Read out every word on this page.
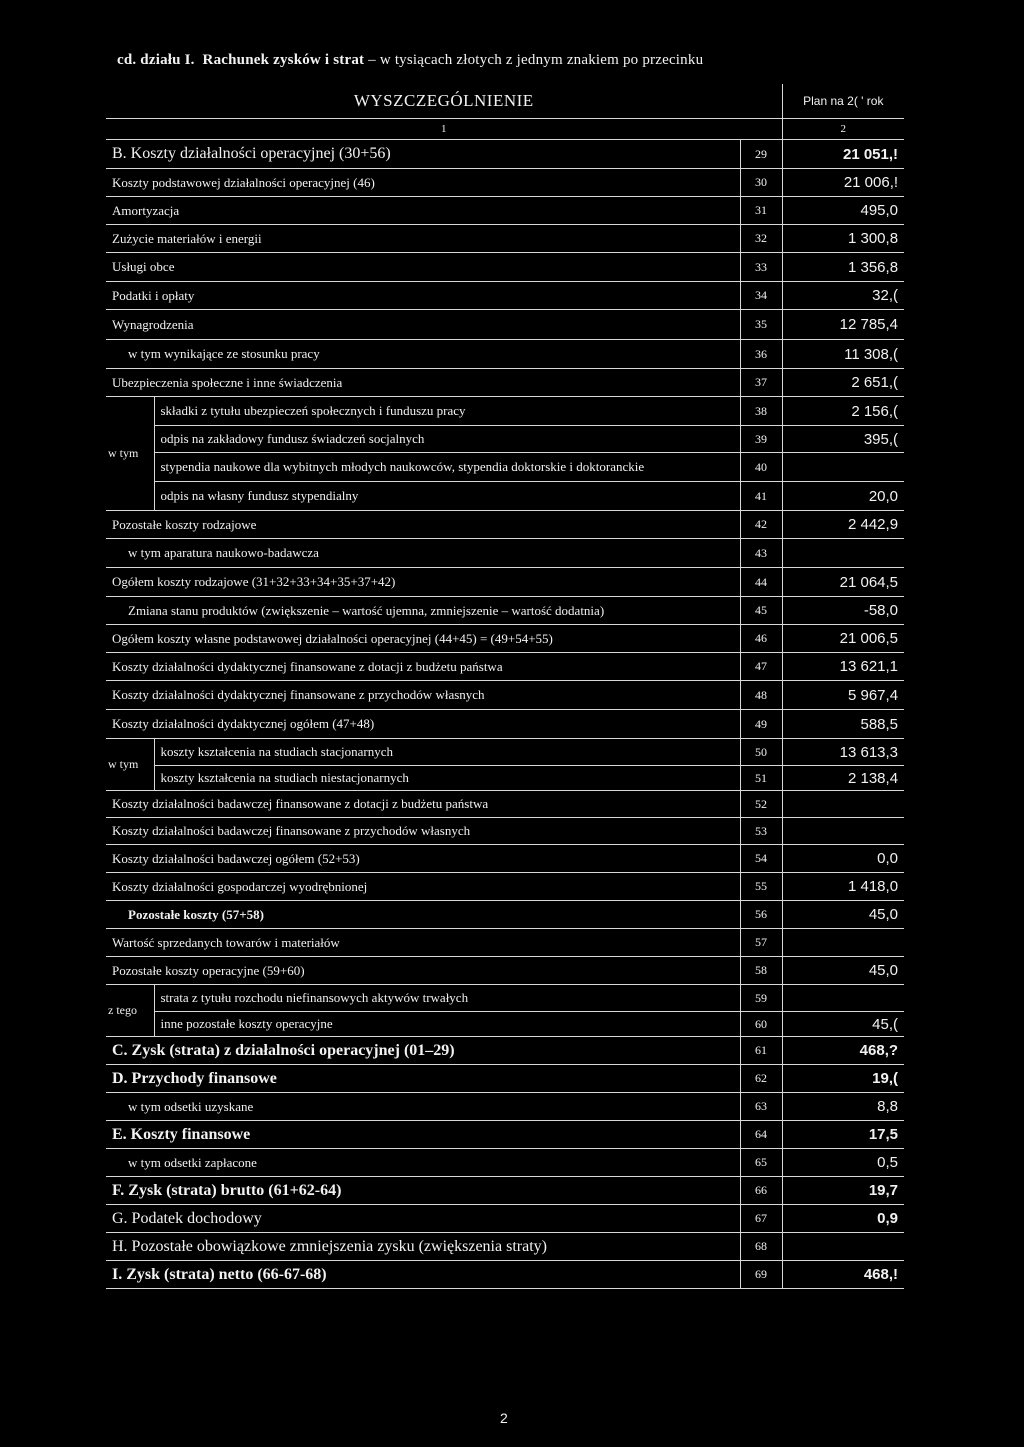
cd. działu I. Rachunek zysków i strat – w tysiącach złotych z jednym znakiem po przecinku
WYSZCZEGÓLNIENIE			Plan na 2( ' rok
1			2
B. Koszty działalności operacyjnej (30+56)		29	21 051,!
Koszty podstawowej działalności operacyjnej (46)		30	21 006,!
Amortyzacja		31	495,0
Zużycie materiałów i energii		32	1 300,8
Usługi obce		33	1 356,8
Podatki i opłaty		34	32,(
Wynagrodzenia		35	12 785,4
w tym wynikające ze stosunku pracy		36	11 308,(
Ubezpieczenia społeczne i inne świadczenia		37	2 651,(
w tym	składki z tytułu ubezpieczeń społecznych i funduszu pracy	38	2 156,(
	odpis na zakładowy fundusz świadczeń socjalnych	39	395,(
	stypendia naukowe dla wybitnych młodych naukowców, stypendia doktorskie i doktoranckie	40	
	odpis na własny fundusz stypendialny	41	20,0
Pozostałe koszty rodzajowe		42	2 442,9
w tym aparatura naukowo-badawcza		43	
Ogółem koszty rodzajowe (31+32+33+34+35+37+42)		44	21 064,5
Zmiana stanu produktów (zwiększenie – wartość ujemna, zmniejszenie – wartość dodatnia)		45	-58,0
Ogółem koszty własne podstawowej działalności operacyjnej (44+45) = (49+54+55)		46	21 006,5
Koszty działalności dydaktycznej finansowane z dotacji z budżetu państwa		47	13 621,1
Koszty działalności dydaktycznej finansowane z przychodów własnych		48	5 967,4
Koszty działalności dydaktycznej ogółem (47+48)		49	588,5
w tym	koszty kształcenia na studiach stacjonarnych	50	13 613,3
	koszty kształcenia na studiach niestacjonarnych	51	2 138,4
Koszty działalności badawczej finansowane z dotacji z budżetu państwa		52	
Koszty działalności badawczej finansowane z przychodów własnych		53	
Koszty działalności badawczej ogółem (52+53)		54	0,0
Koszty działalności gospodarczej wyodrębnionej		55	1 418,0
Pozostałe koszty (57+58)		56	45,0
Wartość sprzedanych towarów i materiałów		57	
Pozostałe koszty operacyjne (59+60)		58	45,0
z tego	strata z tytułu rozchodu niefinansowych aktywów trwałych	59	
	inne pozostałe koszty operacyjne	60	45,(
C. Zysk (strata) z działalności operacyjnej (01–29)		61	468,?
D. Przychody finansowe		62	19,(
w tym odsetki uzyskane		63	8,8
E. Koszty finansowe		64	17,5
w tym odsetki zapłacone		65	0,5
F. Zysk (strata) brutto (61+62-64)		66	19,7
G. Podatek dochodowy		67	0,9
H. Pozostałe obowiązkowe zmniejszenia zysku (zwiększenia straty)		68	
I. Zysk (strata) netto (66-67-68)		69	468,!
2
